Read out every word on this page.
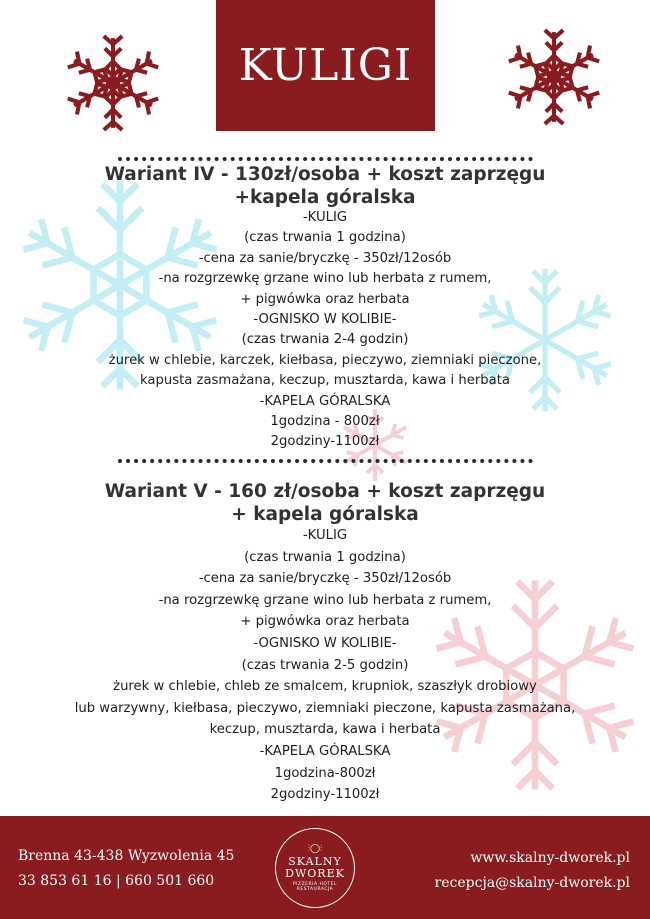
KULIGI
Wariant IV - 130zł/osoba + koszt zaprzęgu
+kapela góralska
-KULIG
(czas trwania 1 godzina)
-cena za sanie/bryczkę - 350zł/12osób
-na rozgrzewkę grzane wino lub herbata z rumem,
+ pigwówka oraz herbata
-OGNISKO W KOLIBIE-
(czas trwania 2-4 godzin)
żurek w chlebie, karczek, kiełbasa, pieczywo, ziemniaki pieczone,
kapusta zasmażana, keczup, musztarda, kawa i herbata
-KAPELA GÓRALSKA
1godzina - 800zł
2godziny-1100zł
Wariant V - 160 zł/osoba + koszt zaprzęgu
+ kapela góralska
-KULIG
(czas trwania 1 godzina)
-cena za sanie/bryczkę - 350zł/12osób
-na rozgrzewkę grzane wino lub herbata z rumem,
+ pigwówka oraz herbata
-OGNISKO W KOLIBIE-
(czas trwania 2-5 godzin)
żurek w chlebie, chleb ze smalcem, krupniok, szaszłyk drobiowy
lub warzywny, kiełbasa, pieczywo, ziemniaki pieczone, kapusta zasmażana,
keczup, musztarda, kawa i herbata
-KAPELA GÓRALSKA
1godzina-800zł
2godziny-1100zł
Brenna 43-438 Wyzwolenia 45
33 853 61 16 | 660 501 660
⫶◯⫶
SKALNY
DWOREK
PIZZERIA HOTEL RESTAURACJA
www.skalny-dworek.pl
recepcja@skalny-dworek.pl
